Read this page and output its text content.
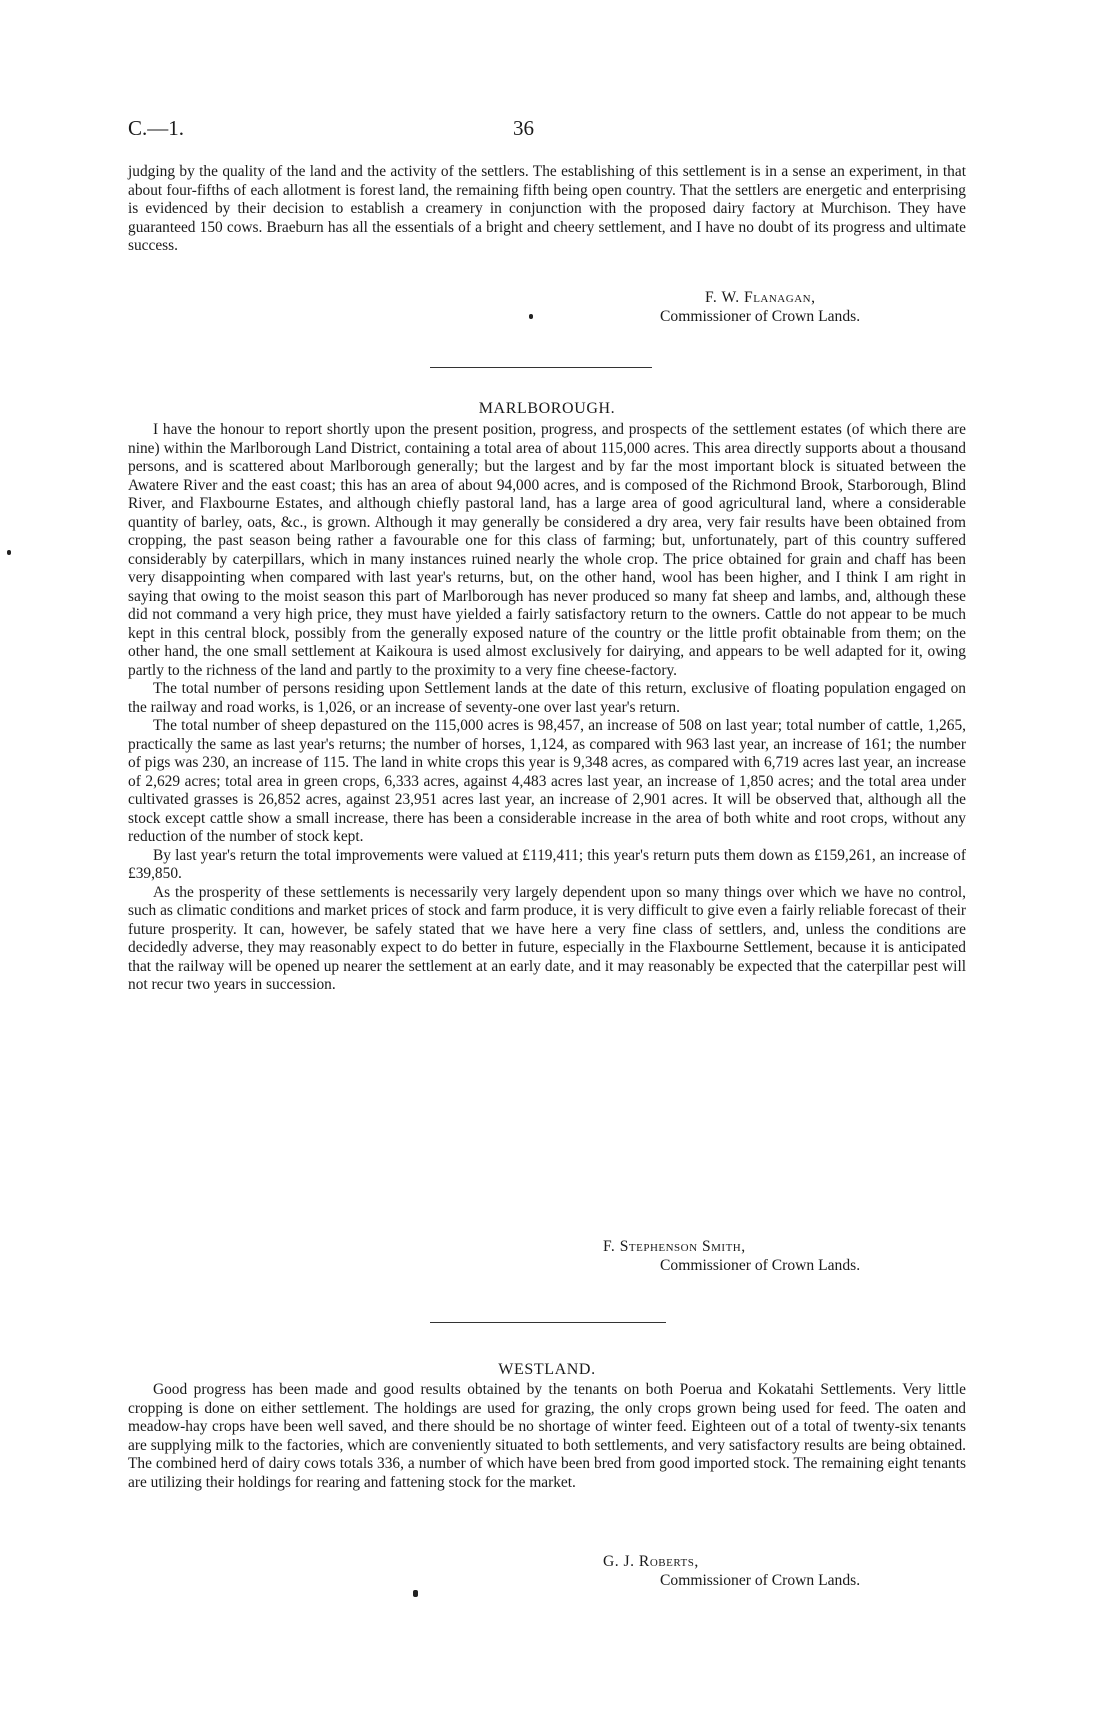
C.—1.	36

judging by the quality of the land and the activity of the settlers. The establishing of this settlement is in a sense an experiment, in that about four-fifths of each allotment is forest land, the remaining fifth being open country. That the settlers are energetic and enterprising is evidenced by their decision to establish a creamery in conjunction with the proposed dairy factory at Murchison. They have guaranteed 150 cows. Braeburn has all the essentials of a bright and cheery settlement, and I have no doubt of its progress and ultimate success.

F. W. Flanagan,
Commissioner of Crown Lands.
MARLBOROUGH.

I have the honour to report shortly upon the present position, progress, and prospects of the settlement estates (of which there are nine) within the Marlborough Land District, containing a total area of about 115,000 acres. This area directly supports about a thousand persons, and is scattered about Marlborough generally; but the largest and by far the most important block is situated between the Awatere River and the east coast; this has an area of about 94,000 acres, and is composed of the Richmond Brook, Starborough, Blind River, and Flaxbourne Estates, and although chiefly pastoral land, has a large area of good agricultural land, where a considerable quantity of barley, oats, &c., is grown. Although it may generally be considered a dry area, very fair results have been obtained from cropping, the past season being rather a favourable one for this class of farming; but, unfortunately, part of this country suffered considerably by caterpillars, which in many instances ruined nearly the whole crop. The price obtained for grain and chaff has been very disappointing when compared with last year's returns, but, on the other hand, wool has been higher, and I think I am right in saying that owing to the moist season this part of Marlborough has never produced so many fat sheep and lambs, and, although these did not command a very high price, they must have yielded a fairly satisfactory return to the owners. Cattle do not appear to be much kept in this central block, possibly from the generally exposed nature of the country or the little profit obtainable from them; on the other hand, the one small settlement at Kaikoura is used almost exclusively for dairying, and appears to be well adapted for it, owing partly to the richness of the land and partly to the proximity to a very fine cheese-factory.

The total number of persons residing upon Settlement lands at the date of this return, exclusive of floating population engaged on the railway and road works, is 1,026, or an increase of seventy-one over last year's return.

The total number of sheep depastured on the 115,000 acres is 98,457, an increase of 508 on last year; total number of cattle, 1,265, practically the same as last year's returns; the number of horses, 1,124, as compared with 963 last year, an increase of 161; the number of pigs was 230, an increase of 115. The land in white crops this year is 9,348 acres, as compared with 6,719 acres last year, an increase of 2,629 acres; total area in green crops, 6,333 acres, against 4,483 acres last year, an increase of 1,850 acres; and the total area under cultivated grasses is 26,852 acres, against 23,951 acres last year, an increase of 2,901 acres. It will be observed that, although all the stock except cattle show a small increase, there has been a considerable increase in the area of both white and root crops, without any reduction of the number of stock kept.

By last year's return the total improvements were valued at £119,411; this year's return puts them down as £159,261, an increase of £39,850.

As the prosperity of these settlements is necessarily very largely dependent upon so many things over which we have no control, such as climatic conditions and market prices of stock and farm produce, it is very difficult to give even a fairly reliable forecast of their future prosperity. It can, however, be safely stated that we have here a very fine class of settlers, and, unless the conditions are decidedly adverse, they may reasonably expect to do better in future, especially in the Flaxbourne Settlement, because it is anticipated that the railway will be opened up nearer the settlement at an early date, and it may reasonably be expected that the caterpillar pest will not recur two years in succession.

F. Stephenson Smith,
Commissioner of Crown Lands.
WESTLAND.

Good progress has been made and good results obtained by the tenants on both Poerua and Kokatahi Settlements. Very little cropping is done on either settlement. The holdings are used for grazing, the only crops grown being used for feed. The oaten and meadow-hay crops have been well saved, and there should be no shortage of winter feed. Eighteen out of a total of twenty-six tenants are supplying milk to the factories, which are conveniently situated to both settlements, and very satisfactory results are being obtained. The combined herd of dairy cows totals 336, a number of which have been bred from good imported stock. The remaining eight tenants are utilizing their holdings for rearing and fattening stock for the market.

G. J. Roberts,
Commissioner of Crown Lands.
